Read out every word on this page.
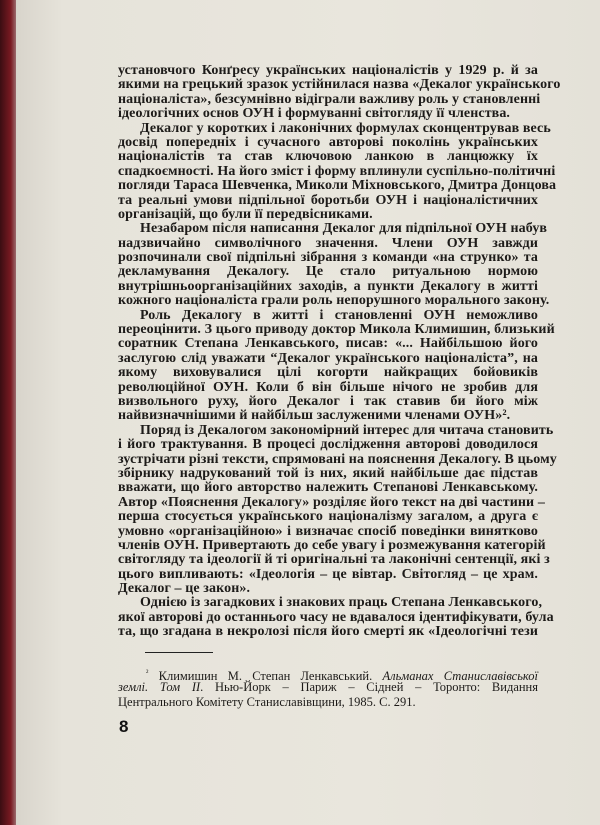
установчого Конґресу українських націоналістів у 1929 р. й за
якими на грецький зразок устійнилася назва «Декалог українського
націоналіста», безсумнівно відіграли важливу роль у становленні
ідеологічних основ ОУН і формуванні світогляду її членства.
Декалог у коротких і лаконічних формулах сконцентрував весь
досвід попередніх і сучасного авторові поколінь українських
націоналістів та став ключовою ланкою в ланцюжку їх
спадкоємності. На його зміст і форму вплинули суспільно-політичні
погляди Тараса Шевченка, Миколи Міхновського, Дмитра Донцова
та реальні умови підпільної боротьби ОУН і націоналістичних
організацій, що були її передвісниками.
Незабаром після написання Декалог для підпільної ОУН набув
надзвичайно символічного значення. Члени ОУН завжди
розпочинали свої підпільні зібрання з команди «на струнко» та
декламування Декалогу. Це стало ритуальною нормою
внутрішньоорганізаційних заходів, а пункти Декалогу в житті
кожного націоналіста грали роль непорушного морального закону.
Роль Декалогу в житті і становленні ОУН неможливо
переоцінити. З цього приводу доктор Микола Климишин, близький
соратник Степана Ленкавського, писав: «... Найбільшою його
заслугою слід уважати “Декалог українського націоналіста”, на
якому виховувалися цілі когорти найкращих бойовиків
революційної ОУН. Коли б він більше нічого не зробив для
визвольного руху, його Декалог і так ставив би його між
найвизначнішими й найбільш заслуженими членами ОУН»².
Поряд із Декалогом закономірний інтерес для читача становить
і його трактування. В процесі дослідження авторові доводилося
зустрічати різні тексти, спрямовані на пояснення Декалогу. В цьому
збірнику надрукований той із них, який найбільше дає підстав
вважати, що його авторство належить Степанові Ленкавському.
Автор «Пояснення Декалогу» розділяє його текст на дві частини –
перша стосується українського націоналізму загалом, а друга є
умовно «організаційною» і визначає спосіб поведінки винятково
членів ОУН. Привертають до себе увагу і розмежування категорій
світогляду та ідеології й ті оригінальні та лаконічні сентенції, які з
цього випливають: «Ідеологія – це вівтар. Світогляд – це храм.
Декалог – це закон».
Однією із загадкових і знакових праць Степана Ленкавського,
якої авторові до останнього часу не вдавалося ідентифікувати, була
та, що згадана в некролозі після його смерті як «Ідеологічні тези
$^{^2}$ Климишин М. Степан Ленкавський. Альманах Станиславівської
землі. Том II. Нью-Йорк – Париж – Сідней – Торонто: Видання
Центрального Комітету Станиславівщини, 1985. С. 291.
8
